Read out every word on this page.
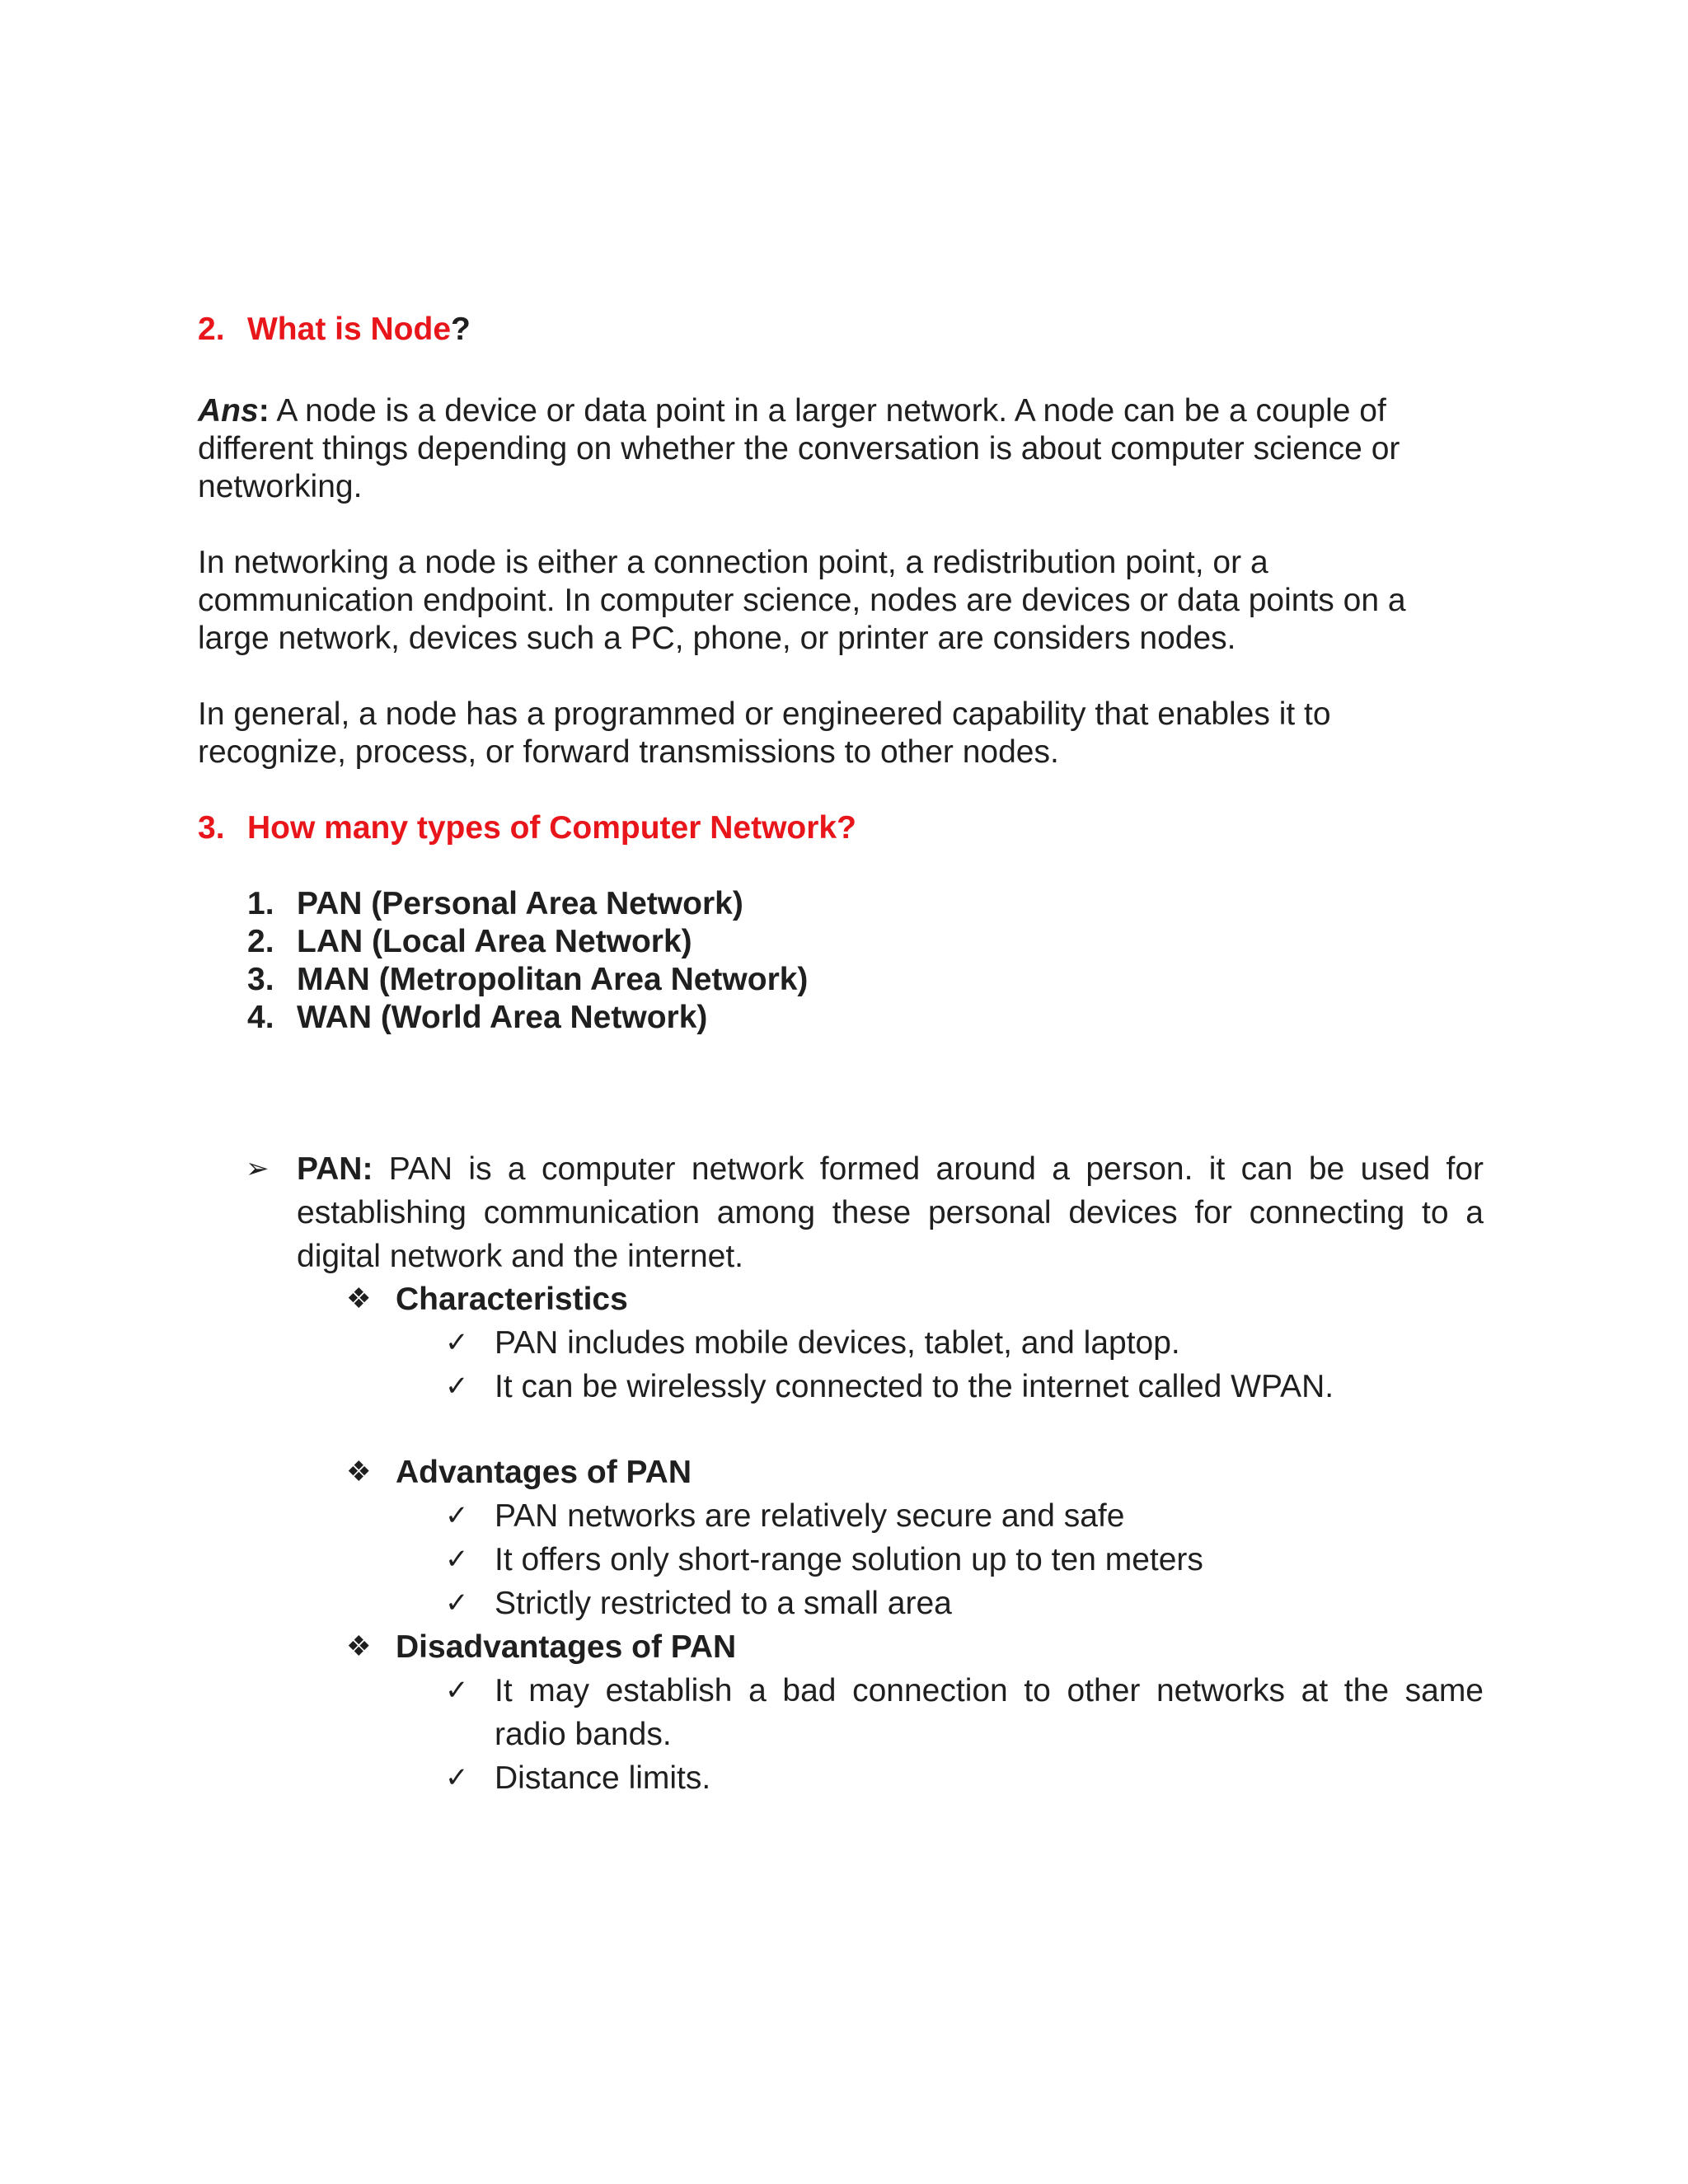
2. What is Node?
Ans: A node is a device or data point in a larger network. A node can be a couple of different things depending on whether the conversation is about computer science or networking.
In networking a node is either a connection point, a redistribution point, or a communication endpoint. In computer science, nodes are devices or data points on a large network, devices such a PC, phone, or printer are considers nodes.
In general, a node has a programmed or engineered capability that enables it to recognize, process, or forward transmissions to other nodes.
3. How many types of Computer Network?
1. PAN (Personal Area Network)
2. LAN (Local Area Network)
3. MAN (Metropolitan Area Network)
4. WAN (World Area Network)
➢ PAN: PAN is a computer network formed around a person. it can be used for establishing communication among these personal devices for connecting to a digital network and the internet.
❖ Characteristics
✓ PAN includes mobile devices, tablet, and laptop.
✓ It can be wirelessly connected to the internet called WPAN.
❖ Advantages of PAN
✓ PAN networks are relatively secure and safe
✓ It offers only short-range solution up to ten meters
✓ Strictly restricted to a small area
❖ Disadvantages of PAN
✓ It may establish a bad connection to other networks at the same radio bands.
✓ Distance limits.
